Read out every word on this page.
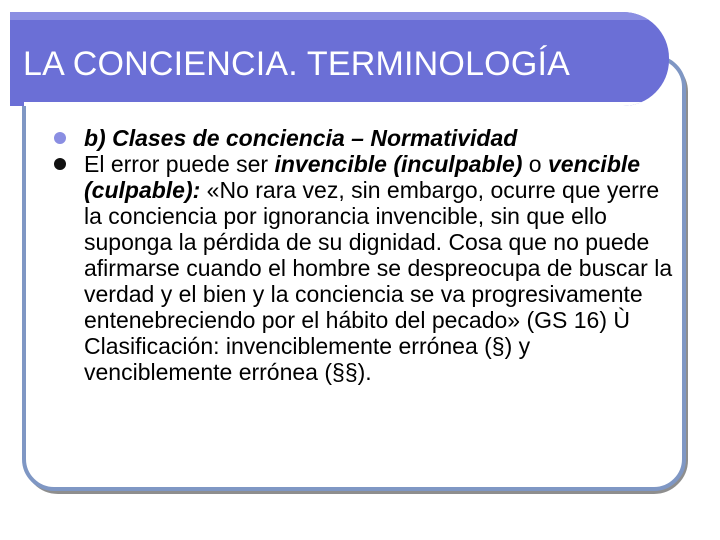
LA CONCIENCIA. TERMINOLOGÍA
b) Clases de conciencia – Normatividad
El error puede ser invencible (inculpable) o vencible (culpable): «No rara vez, sin embargo, ocurre que yerre la conciencia por ignorancia invencible, sin que ello suponga la pérdida de su dignidad. Cosa que no puede afirmarse cuando el hombre se despreocupa de buscar la verdad y el bien y la conciencia se va progresivamente entenebreciendo por el hábito del pecado» (GS 16) Ù Clasificación: invenciblemente errónea (§) y venciblemente errónea (§§).
